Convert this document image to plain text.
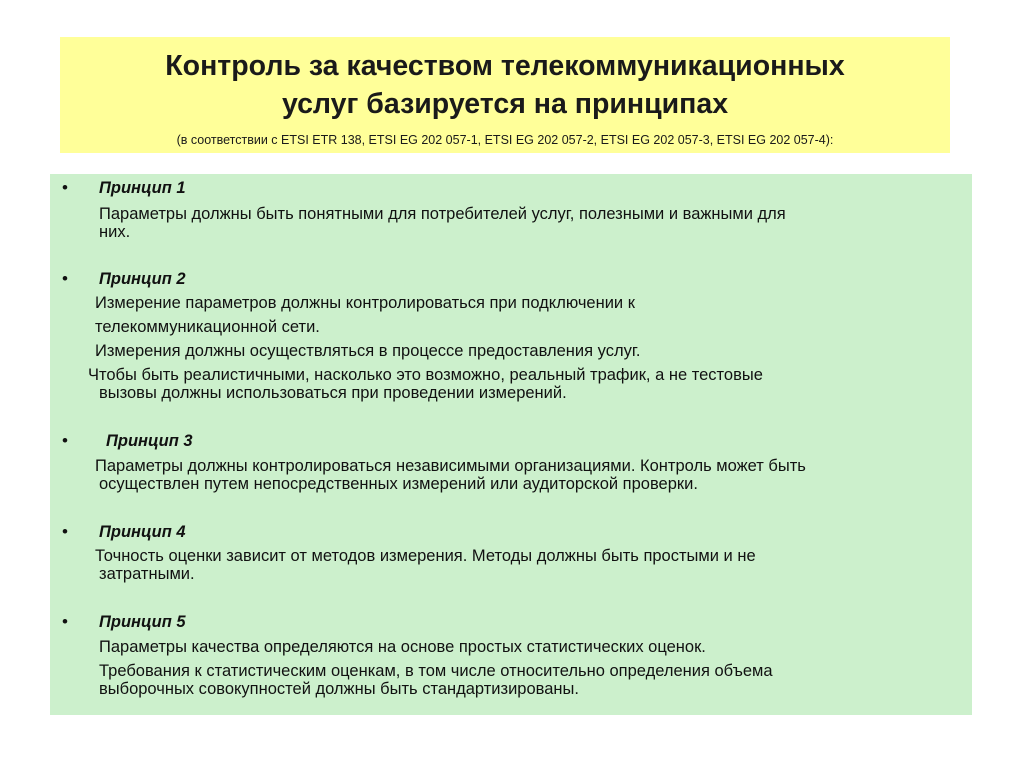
Контроль за качеством телекоммуникационных
услуг базируется на принципах
(в соответствии с ETSI ETR 138, ETSI EG 202 057-1, ETSI EG 202 057-2, ETSI EG 202 057-3, ETSI EG 202 057-4):
• Принцип 1
Параметры должны быть понятными для потребителей услуг, полезными и важными для
них.
• Принцип 2
Измерение параметров должны контролироваться при подключении к
телекоммуникационной сети.
Измерения должны осуществляться в процессе предоставления услуг.
Чтобы быть реалистичными, насколько это возможно, реальный трафик, а не тестовые
вызовы должны использоваться при проведении измерений.
• Принцип 3
Параметры должны контролироваться независимыми организациями. Контроль может быть
осуществлен путем непосредственных измерений или аудиторской проверки.
• Принцип 4
Точность оценки зависит от методов измерения. Методы должны быть простыми и не
затратными.
• Принцип 5
Параметры качества определяются на основе простых статистических оценок.
Требования к статистическим оценкам, в том числе относительно определения объема
выборочных совокупностей должны быть стандартизированы.
